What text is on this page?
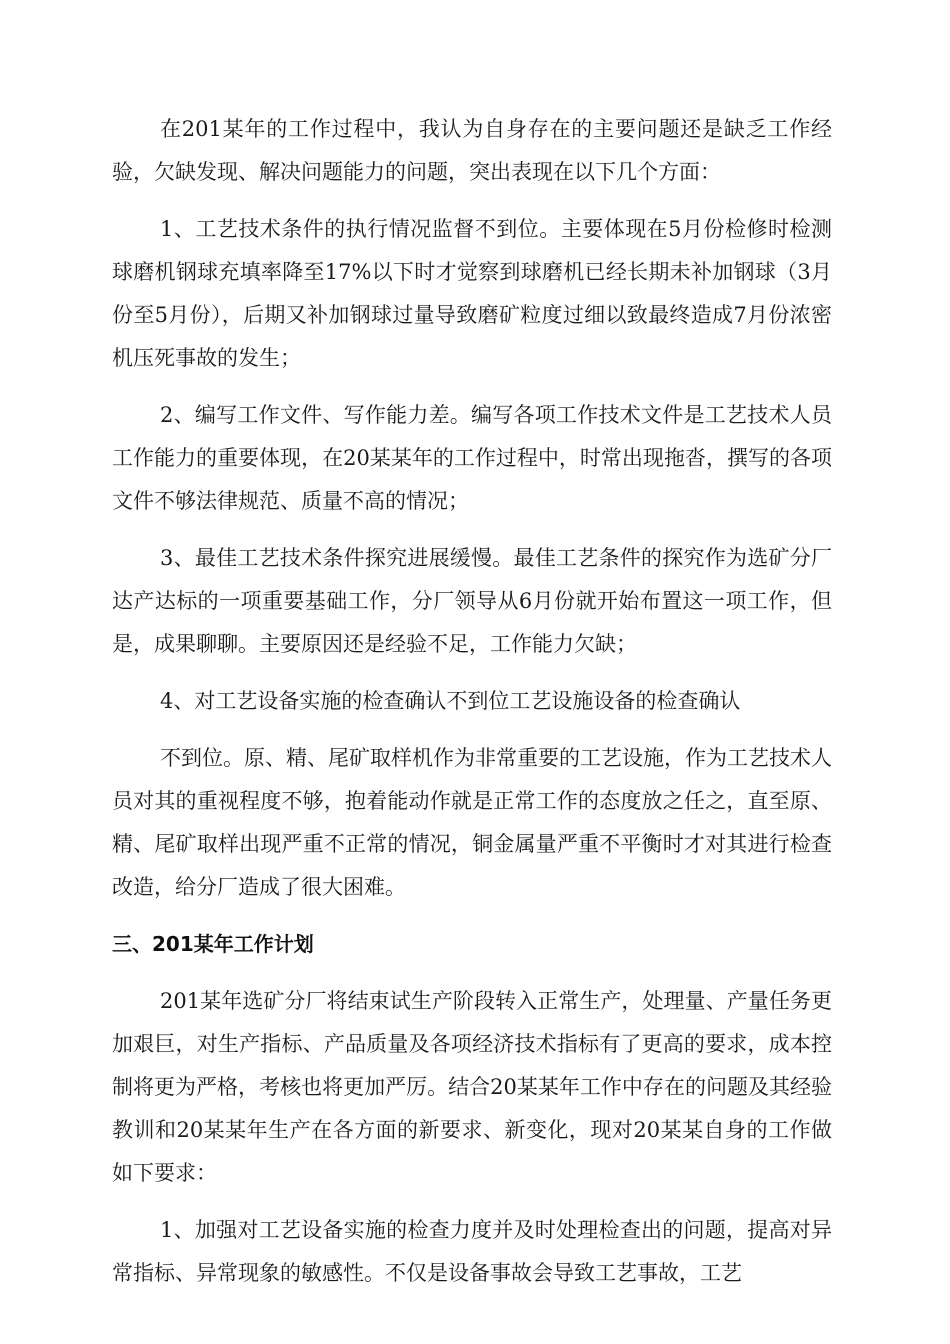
在201某年的工作过程中，我认为自身存在的主要问题还是缺乏工作经验，欠缺发现、解决问题能力的问题，突出表现在以下几个方面：

1、工艺技术条件的执行情况监督不到位。主要体现在5月份检修时检测球磨机钢球充填率降至17%以下时才觉察到球磨机已经长期未补加钢球（3月份至5月份），后期又补加钢球过量导致磨矿粒度过细以致最终造成7月份浓密机压死事故的发生；

2、编写工作文件、写作能力差。编写各项工作技术文件是工艺技术人员工作能力的重要体现，在20某某年的工作过程中，时常出现拖沓，撰写的各项文件不够法律规范、质量不高的情况；

3、最佳工艺技术条件探究进展缓慢。最佳工艺条件的探究作为选矿分厂达产达标的一项重要基础工作，分厂领导从6月份就开始布置这一项工作，但是，成果聊聊。主要原因还是经验不足，工作能力欠缺；

4、对工艺设备实施的检查确认不到位工艺设施设备的检查确认

不到位。原、精、尾矿取样机作为非常重要的工艺设施，作为工艺技术人员对其的重视程度不够，抱着能动作就是正常工作的态度放之任之，直至原、精、尾矿取样出现严重不正常的情况，铜金属量严重不平衡时才对其进行检查改造，给分厂造成了很大困难。

三、201某年工作计划

201某年选矿分厂将结束试生产阶段转入正常生产，处理量、产量任务更加艰巨，对生产指标、产品质量及各项经济技术指标有了更高的要求，成本控制将更为严格，考核也将更加严厉。结合20某某年工作中存在的问题及其经验教训和20某某年生产在各方面的新要求、新变化，现对20某某自身的工作做如下要求：

1、加强对工艺设备实施的检查力度并及时处理检查出的问题，提高对异常指标、异常现象的敏感性。不仅是设备事故会导致工艺事故，工艺
